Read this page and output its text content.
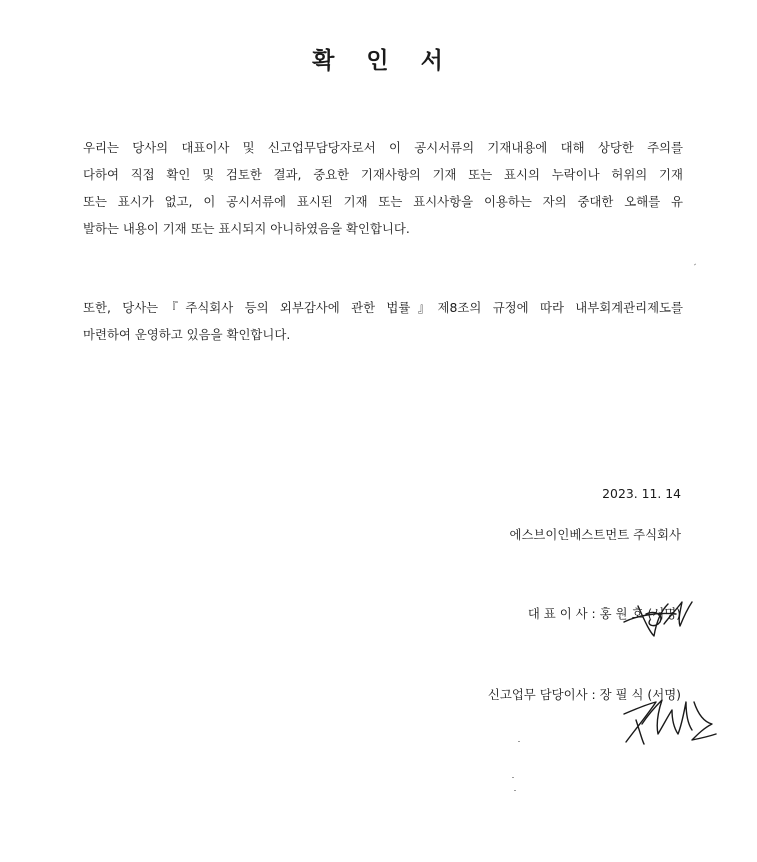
확 인 서
우리는 당사의 대표이사 및 신고업무담당자로서 이 공시서류의 기재내용에 대해 상당한 주의를
다하여 직접 확인 및 검토한 결과, 중요한 기재사항의 기재 또는 표시의 누락이나 허위의 기재
또는 표시가 없고, 이 공시서류에 표시된 기재 또는 표시사항을 이용하는 자의 중대한 오해를 유
발하는 내용이 기재 또는 표시되지 아니하였음을 확인합니다.
또한, 당사는『주식회사 등의 외부감사에 관한 법률』제8조의 규정에 따라 내부회계관리제도를
마련하여 운영하고 있음을 확인합니다.
2023. 11. 14
에스브이인베스트먼트 주식회사
대 표 이 사 : 홍 원 호 (서명)
신고업무 담당이사 : 장 필 식 (서명)
